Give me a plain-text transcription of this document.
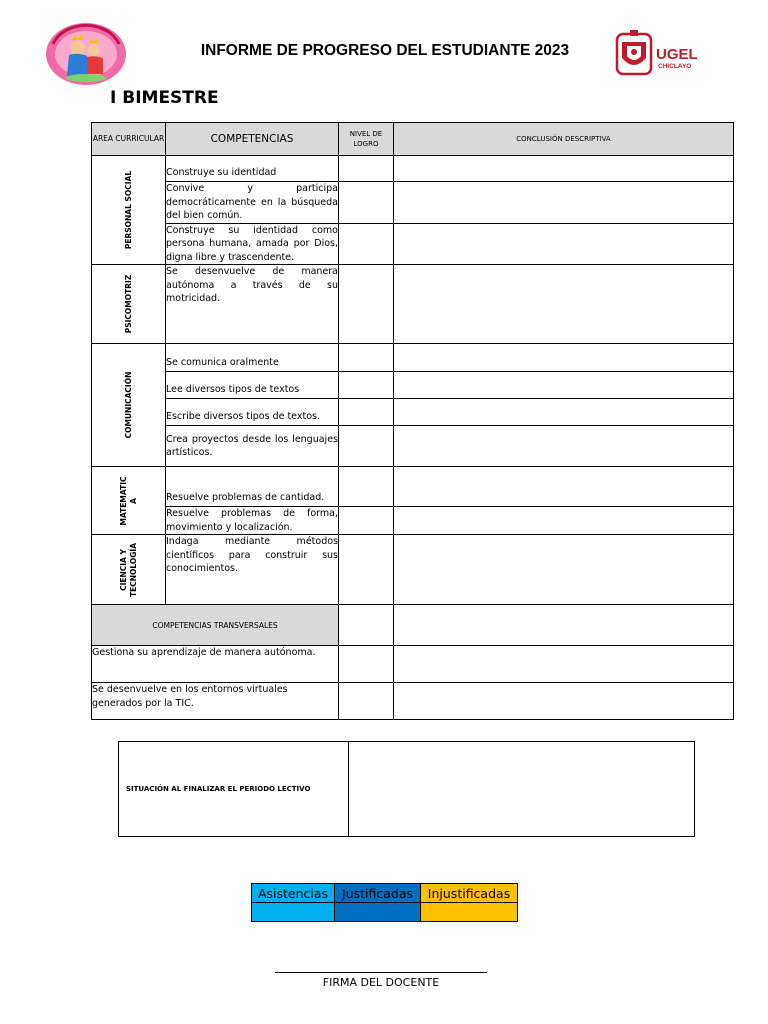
INFORME DE PROGRESO DEL ESTUDIANTE 2023	UGEL
CHICLAYO
I BIMESTRE
AREA CURRICULAR	COMPETENCIAS	NIVEL DE LOGRO	CONCLUSIÓN DESCRIPTIVA

PERSONAL SOCIAL	Construye su identidad		
	Convive y participa democráticamente en la búsqueda del bien común.		
	Construye su identidad como persona humana, amada por Dios, digna libre y trascendente.		

PSICOMOTRIZ	Se desenvuelve de manera autónoma a través de su motricidad.		

COMUNICACIÓN	Se comunica oralmente		
	Lee diversos tipos de textos		
	Escribe diversos tipos de textos.		
	Crea proyectos desde los lenguajes artísticos.		

MATEMATIC
A	Resuelve problemas de cantidad.		
	Resuelve problemas de forma, movimiento y localización.		

CIENCIA Y
TECNOLOGÍA	Indaga mediante métodos científicos para construir sus conocimientos.		
COMPETENCIAS TRANSVERSALES			
Gestiona su aprendizaje de manera autónoma.			
Se desenvuelve en los entornos virtuales generados por la TIC.			
SITUACIÓN AL FINALIZAR EL PERIODO LECTIVO
Asistencias	Justificadas	Injustificadas

FIRMA DEL DOCENTE
